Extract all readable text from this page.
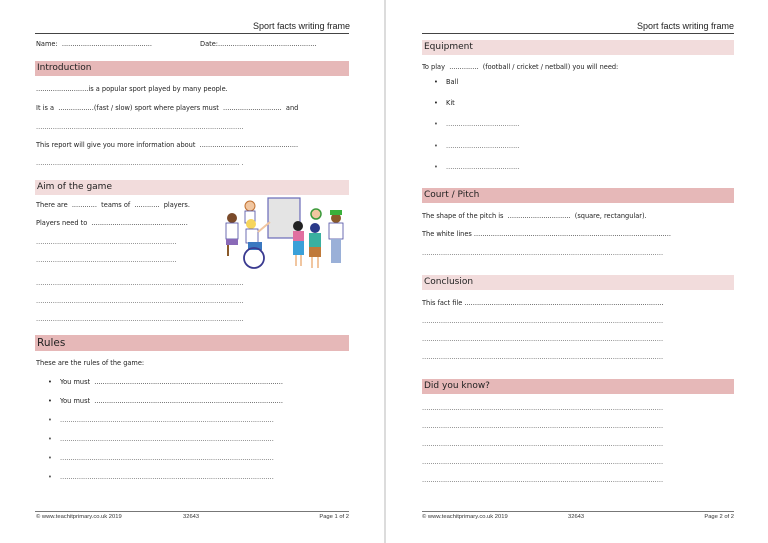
Sport facts writing frame
Name:  ...........................................	Date:...............................................
Introduction
.........................is a popular sport played by many people.
It is a  .................(fast / slow) sport where players must  ............................  and
...................................................................................................
This report will give you more information about  ...............................................
................................................................................................. .
Aim of the game
There are  ............  teams of  ............  players.
Players need to  ..............................................
...................................................................
...................................................................
...................................................................................................
...................................................................................................
...................................................................................................
Rules
These are the rules of the game:
• You must  ..........................................................................................
• You must  ..........................................................................................
• ......................................................................................................
• ......................................................................................................
• ......................................................................................................
• ......................................................................................................
© www.teachitprimary.co.uk 2019	32643	Page 1 of 2
Sport facts writing frame
Equipment
To play  ..............  (football / cricket / netball) you will need:
• Ball
• Kit
• ...................................
• ...................................
• ...................................
Court / Pitch
The shape of the pitch is  ..............................  (square, rectangular).
The white lines ..............................................................................................
...................................................................................................................
Conclusion
This fact file ...............................................................................................
...................................................................................................................
...................................................................................................................
...................................................................................................................
Did you know?
...................................................................................................................
...................................................................................................................
...................................................................................................................
...................................................................................................................
...................................................................................................................
© www.teachitprimary.co.uk 2019	32643	Page 2 of 2
